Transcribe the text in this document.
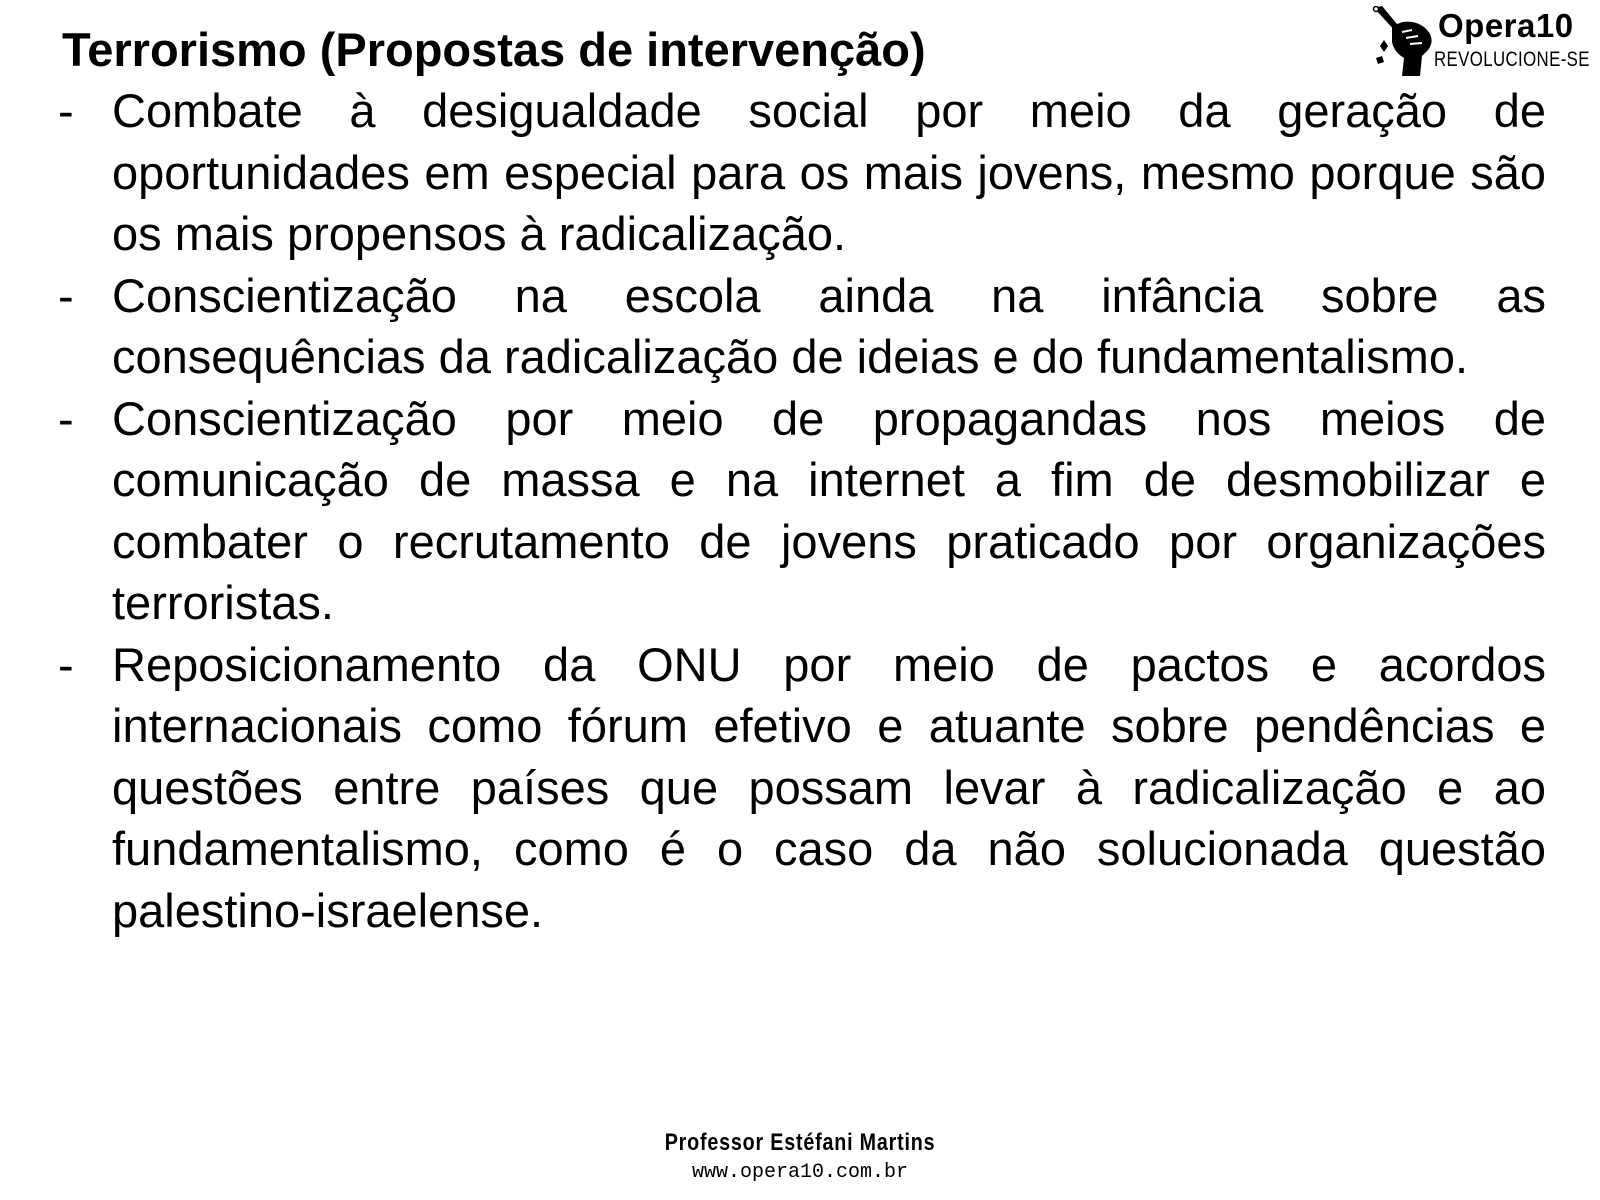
Terrorismo (Propostas de intervenção)	Opera10
REVOLUCIONE-SE
- Combate à desigualdade social por meio da geração de oportunidades em especial para os mais jovens, mesmo porque são os mais propensos à radicalização.
- Conscientização na escola ainda na infância sobre as consequências da radicalização de ideias e do fundamentalismo.
- Conscientização por meio de propagandas nos meios de comunicação de massa e na internet a fim de desmobilizar e combater o recrutamento de jovens praticado por organizações terroristas.
- Reposicionamento da ONU por meio de pactos e acordos internacionais como fórum efetivo e atuante sobre pendências e questões entre países que possam levar à radicalização e ao fundamentalismo, como é o caso da não solucionada questão palestino-israelense.
Professor Estéfani Martins
www.opera10.com.br
